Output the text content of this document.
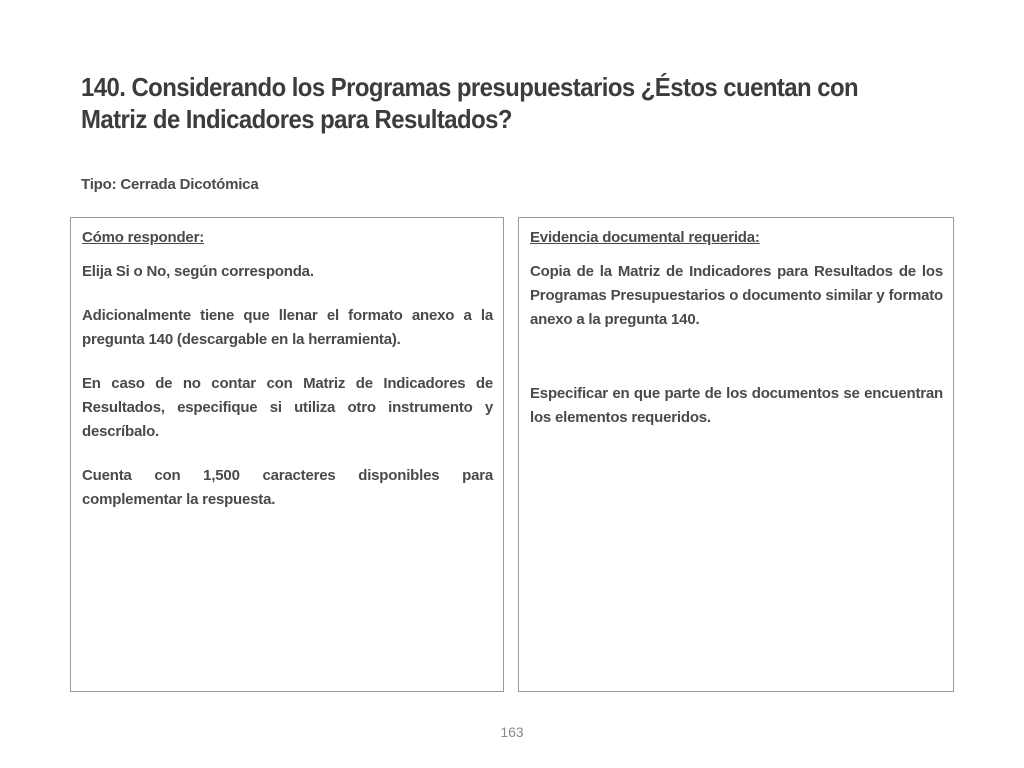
140. Considerando los Programas presupuestarios ¿Éstos cuentan con Matriz de Indicadores para Resultados?

Tipo: Cerrada Dicotómica

Cómo responder:

Elija Si o No, según corresponda.

Adicionalmente tiene que llenar el formato anexo a la pregunta 140 (descargable en la herramienta).

En caso de no contar con Matriz de Indicadores de Resultados, especifique si utiliza otro instrumento y descríbalo.

Cuenta con 1,500 caracteres disponibles para complementar la respuesta.

Evidencia documental requerida:

Copia de la Matriz de Indicadores para Resultados de los Programas Presupuestarios o documento similar y formato anexo a la pregunta 140.

Especificar en que parte de los documentos se encuentran los elementos requeridos.

163
